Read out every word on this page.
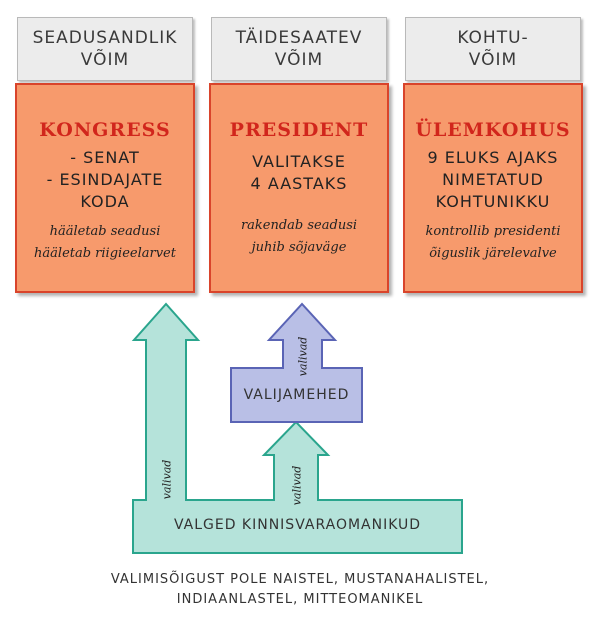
SEADUSANDLIK
VÕIM
TÄIDESAATEV
VÕIM
KOHTU-
VÕIM
KONGRESS
- SENAT
- ESINDAJATE
KODA
hääletab seadusi
hääletab riigieelarvet
PRESIDENT
VALITAKSE
4 AASTAKS
rakendab seadusi
juhib sõjaväge
ÜLEMKOHUS
9 ELUKS AJAKS
NIMETATUD
KOHTUNIKKU
kontrollib presidenti
õiguslik järelevalve
VALIJAMEHED
VALGED KINNISVARAOMANIKUD
valivad
valivad	valivad
VALIMISÕIGUST POLE NAISTEL, MUSTANAHALISTEL,
INDIAANLASTEL, MITTEOMANIKEL
